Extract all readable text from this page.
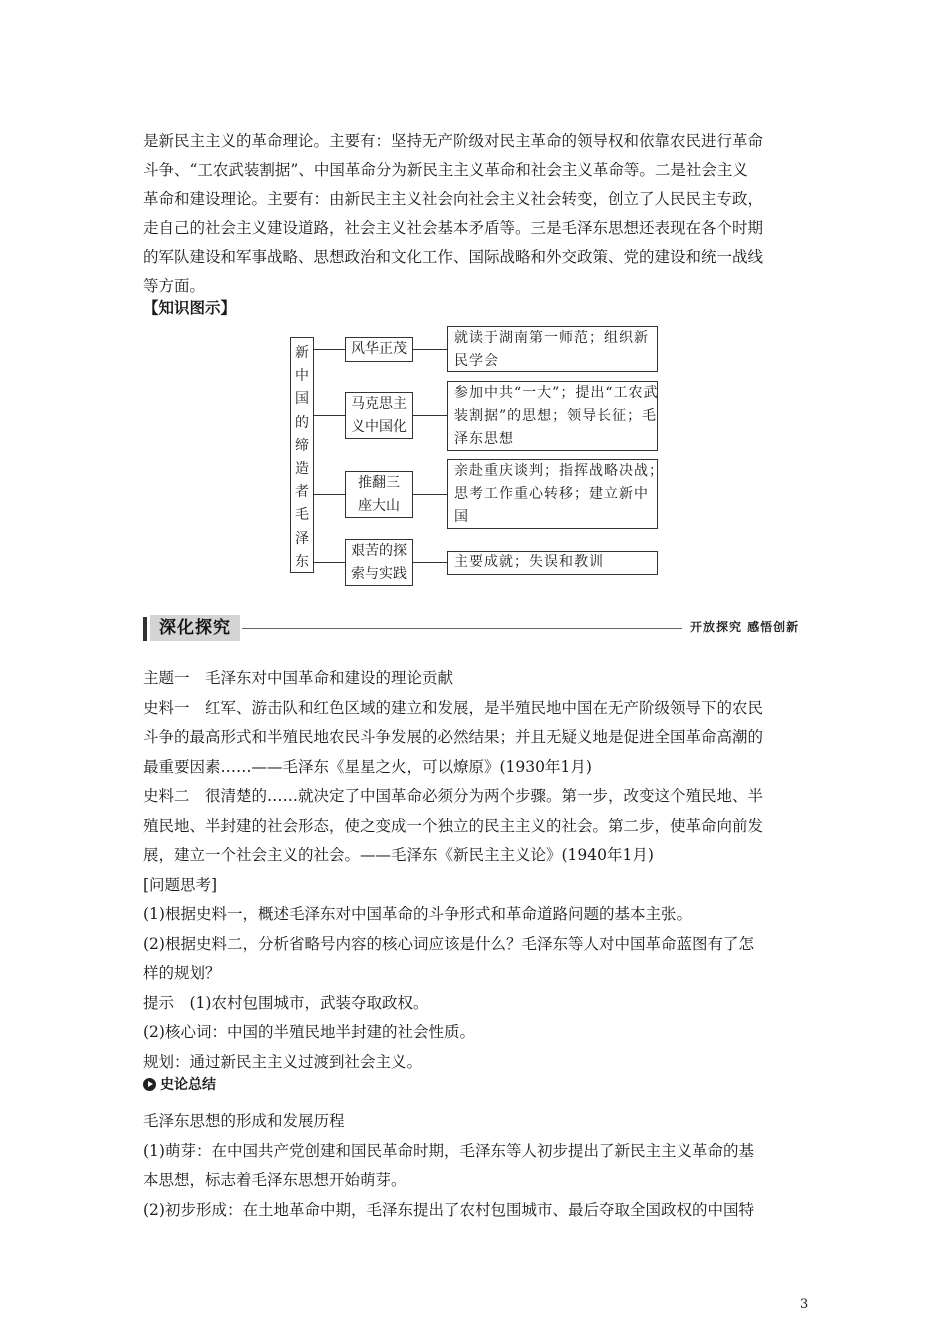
是新民主主义的革命理论。主要有：坚持无产阶级对民主革命的领导权和依靠农民进行革命
斗争、“工农武装割据”、中国革命分为新民主主义革命和社会主义革命等。二是社会主义
革命和建设理论。主要有：由新民主主义社会向社会主义社会转变，创立了人民民主专政，
走自己的社会主义建设道路，社会主义社会基本矛盾等。三是毛泽东思想还表现在各个时期
的军队建设和军事战略、思想政治和文化工作、国际战略和外交政策、党的建设和统一战线
等方面。
【知识图示】
新
中
国
的
缔
造
者
毛
泽
东
风华正茂
就读于湖南第一师范；组织新
民学会
马克思主
义中国化
参加中共“一大”；提出“工农武
装割据”的思想；领导长征；毛
泽东思想
推翻三
座大山
亲赴重庆谈判；指挥战略决战；
思考工作重心转移；建立新中
国
艰苦的探
索与实践
主要成就；失误和教训
深化探究	开放探究 感悟创新
主题一　毛泽东对中国革命和建设的理论贡献
史料一　红军、游击队和红色区域的建立和发展，是半殖民地中国在无产阶级领导下的农民
斗争的最高形式和半殖民地农民斗争发展的必然结果；并且无疑义地是促进全国革命高潮的
最重要因素……——毛泽东《星星之火，可以燎原》(1930年1月)
史料二　很清楚的……就决定了中国革命必须分为两个步骤。第一步，改变这个殖民地、半
殖民地、半封建的社会形态，使之变成一个独立的民主主义的社会。第二步，使革命向前发
展，建立一个社会主义的社会。——毛泽东《新民主主义论》(1940年1月)
[问题思考]
(1)根据史料一，概述毛泽东对中国革命的斗争形式和革命道路问题的基本主张。
(2)根据史料二，分析省略号内容的核心词应该是什么？毛泽东等人对中国革命蓝图有了怎
样的规划？
提示　(1)农村包围城市，武装夺取政权。
(2)核心词：中国的半殖民地半封建的社会性质。
规划：通过新民主主义过渡到社会主义。
史论总结
毛泽东思想的形成和发展历程
(1)萌芽：在中国共产党创建和国民革命时期，毛泽东等人初步提出了新民主主义革命的基
本思想，标志着毛泽东思想开始萌芽。
(2)初步形成：在土地革命中期，毛泽东提出了农村包围城市、最后夺取全国政权的中国特
3
